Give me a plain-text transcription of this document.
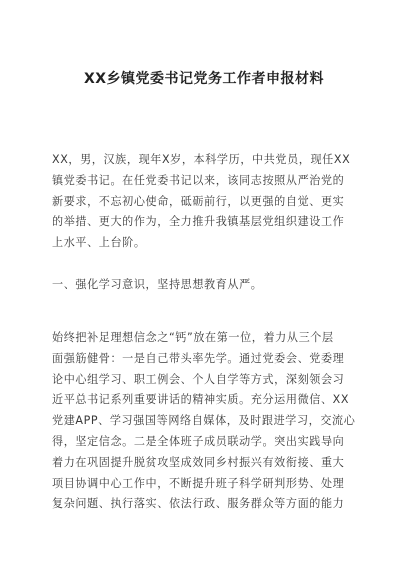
XX乡镇党委书记党务工作者申报材料
XX，男，汉族，现年X岁，本科学历，中共党员，现任XX
镇党委书记。在任党委书记以来，该同志按照从严治党的
新要求，不忘初心使命，砥砺前行，以更强的自觉、更实
的举措、更大的作为，全力推升我镇基层党组织建设工作
上水平、上台阶。
一、强化学习意识，坚持思想教育从严。
始终把补足理想信念之“钙”放在第一位，着力从三个层
面强筋健骨：一是自己带头率先学。通过党委会、党委理
论中心组学习、职工例会、个人自学等方式，深刻领会习
近平总书记系列重要讲话的精神实质。充分运用微信、XX
党建APP、学习强国等网络自媒体，及时跟进学习，交流心
得，坚定信念。二是全体班子成员联动学。突出实践导向
着力在巩固提升脱贫攻坚成效同乡村振兴有效衔接、重大
项目协调中心工作中，不断提升班子科学研判形势、处理
复杂问题、执行落实、依法行政、服务群众等方面的能力
